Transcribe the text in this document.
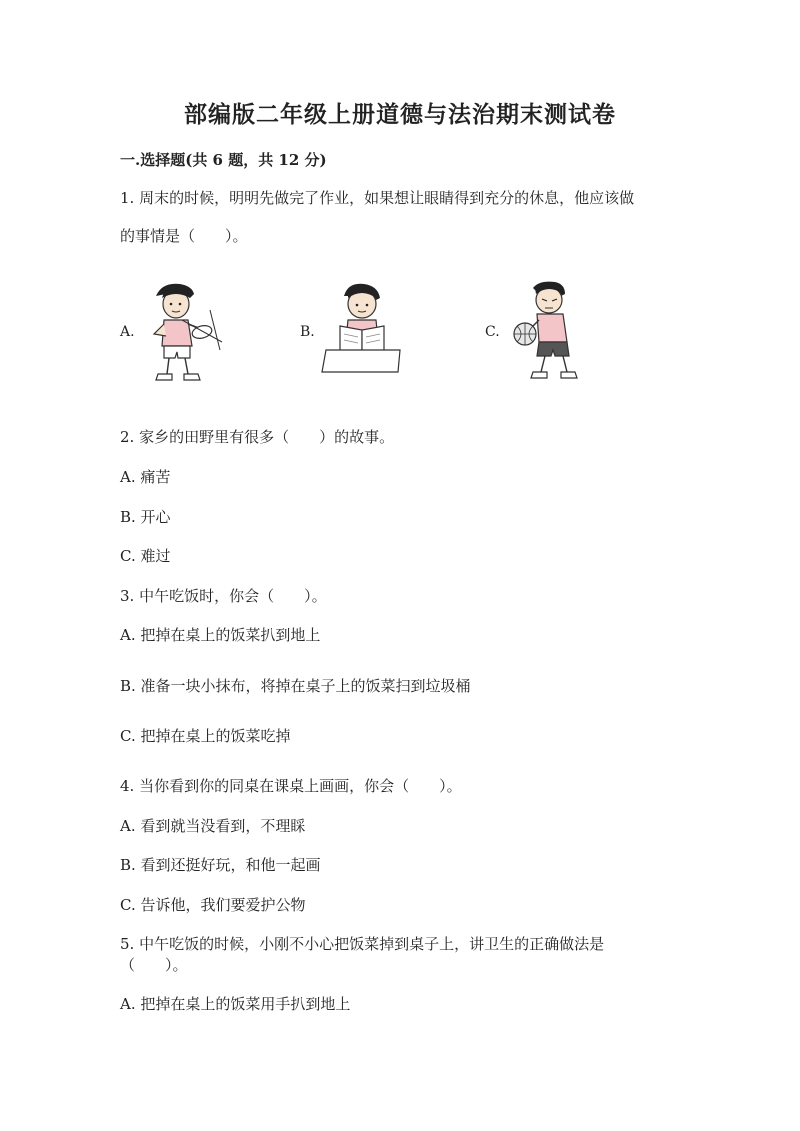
部编版二年级上册道德与法治期末测试卷
一.选择题(共 6 题，共 12 分)
1. 周末的时候，明明先做完了作业，如果想让眼睛得到充分的休息，他应该做
的事情是（　　）。
A.	B.	C.
2. 家乡的田野里有很多（　　）的故事。
A. 痛苦
B. 开心
C. 难过
3. 中午吃饭时，你会（　　）。
A. 把掉在桌上的饭菜扒到地上
B. 准备一块小抹布，将掉在桌子上的饭菜扫到垃圾桶
C. 把掉在桌上的饭菜吃掉
4. 当你看到你的同桌在课桌上画画，你会（　　）。
A. 看到就当没看到，不理睬
B. 看到还挺好玩，和他一起画
C. 告诉他，我们要爱护公物
5. 中午吃饭的时候，小刚不小心把饭菜掉到桌子上，讲卫生的正确做法是
（　　）。
A. 把掉在桌上的饭菜用手扒到地上
